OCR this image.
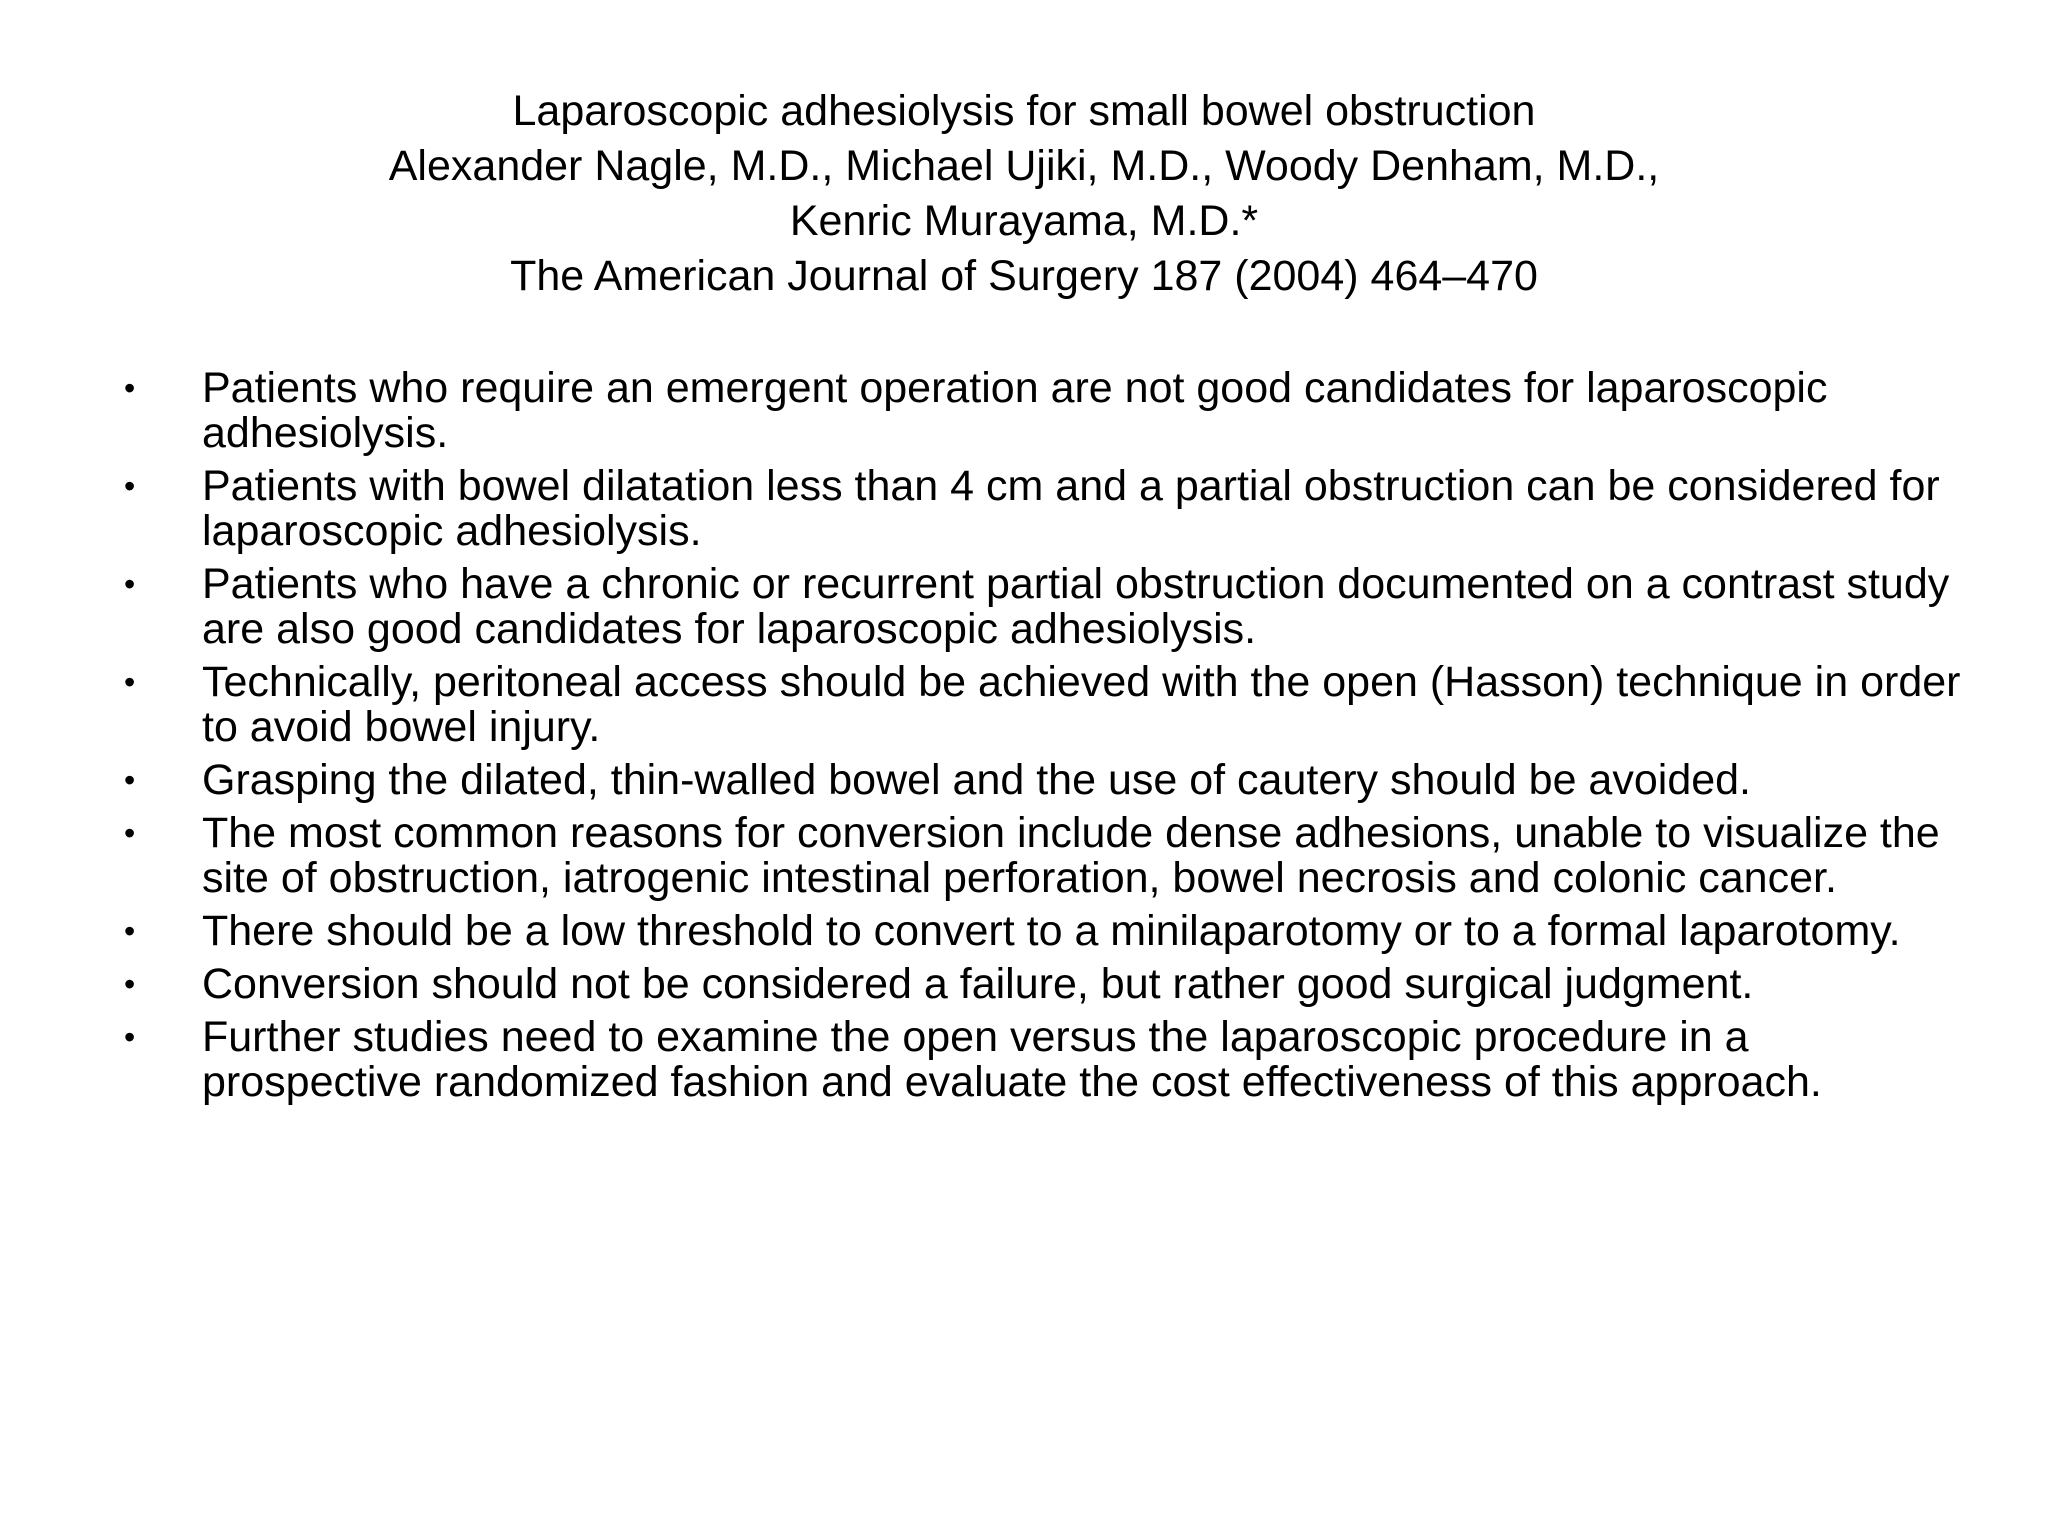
Laparoscopic adhesiolysis for small bowel obstruction
Alexander Nagle, M.D., Michael Ujiki, M.D., Woody Denham, M.D.,
Kenric Murayama, M.D.*
The American Journal of Surgery 187 (2004) 464–470
•	Patients who require an emergent operation are not good candidates for laparoscopic adhesiolysis.
•	Patients with bowel dilatation less than 4 cm and a partial obstruction can be considered for laparoscopic adhesiolysis.
•	Patients who have a chronic or recurrent partial obstruction documented on a contrast study are also good candidates for laparoscopic adhesiolysis.
•	Technically, peritoneal access should be achieved with the open (Hasson) technique in order to avoid bowel injury.
•	Grasping the dilated, thin-walled bowel and the use of cautery should be avoided.
•	The most common reasons for conversion include dense adhesions, unable to visualize the site of obstruction, iatrogenic intestinal perforation, bowel necrosis and colonic cancer.
•	There should be a low threshold to convert to a minilaparotomy or to a formal laparotomy.
•	Conversion should not be considered a failure, but rather good surgical judgment.
•	Further studies need to examine the open versus the laparoscopic procedure in a prospective randomized fashion and evaluate the cost effectiveness of this approach.
